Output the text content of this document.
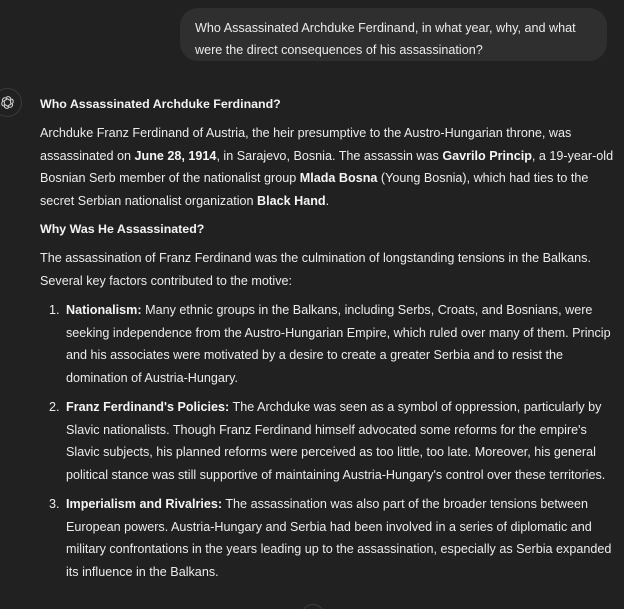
Who Assassinated Archduke Ferdinand, in what year, why, and what were the direct consequences of his assassination?
Who Assassinated Archduke Ferdinand?

Archduke Franz Ferdinand of Austria, the heir presumptive to the Austro-Hungarian throne, was assassinated on June 28, 1914, in Sarajevo, Bosnia. The assassin was Gavrilo Princip, a 19-year-old Bosnian Serb member of the nationalist group Mlada Bosna (Young Bosnia), which had ties to the secret Serbian nationalist organization Black Hand.

Why Was He Assassinated?

The assassination of Franz Ferdinand was the culmination of longstanding tensions in the Balkans. Several key factors contributed to the motive:

1. Nationalism: Many ethnic groups in the Balkans, including Serbs, Croats, and Bosnians, were seeking independence from the Austro-Hungarian Empire, which ruled over many of them. Princip and his associates were motivated by a desire to create a greater Serbia and to resist the domination of Austria-Hungary.
2. Franz Ferdinand's Policies: The Archduke was seen as a symbol of oppression, particularly by Slavic nationalists. Though Franz Ferdinand himself advocated some reforms for the empire's Slavic subjects, his planned reforms were perceived as too little, too late. Moreover, his general political stance was still supportive of maintaining Austria-Hungary's control over these territories.
3. Imperialism and Rivalries: The assassination was also part of the broader tensions between European powers. Austria-Hungary and Serbia had been involved in a series of diplomatic and military confrontations in the years leading up to the assassination, especially as Serbia expanded its influence in the Balkans.
